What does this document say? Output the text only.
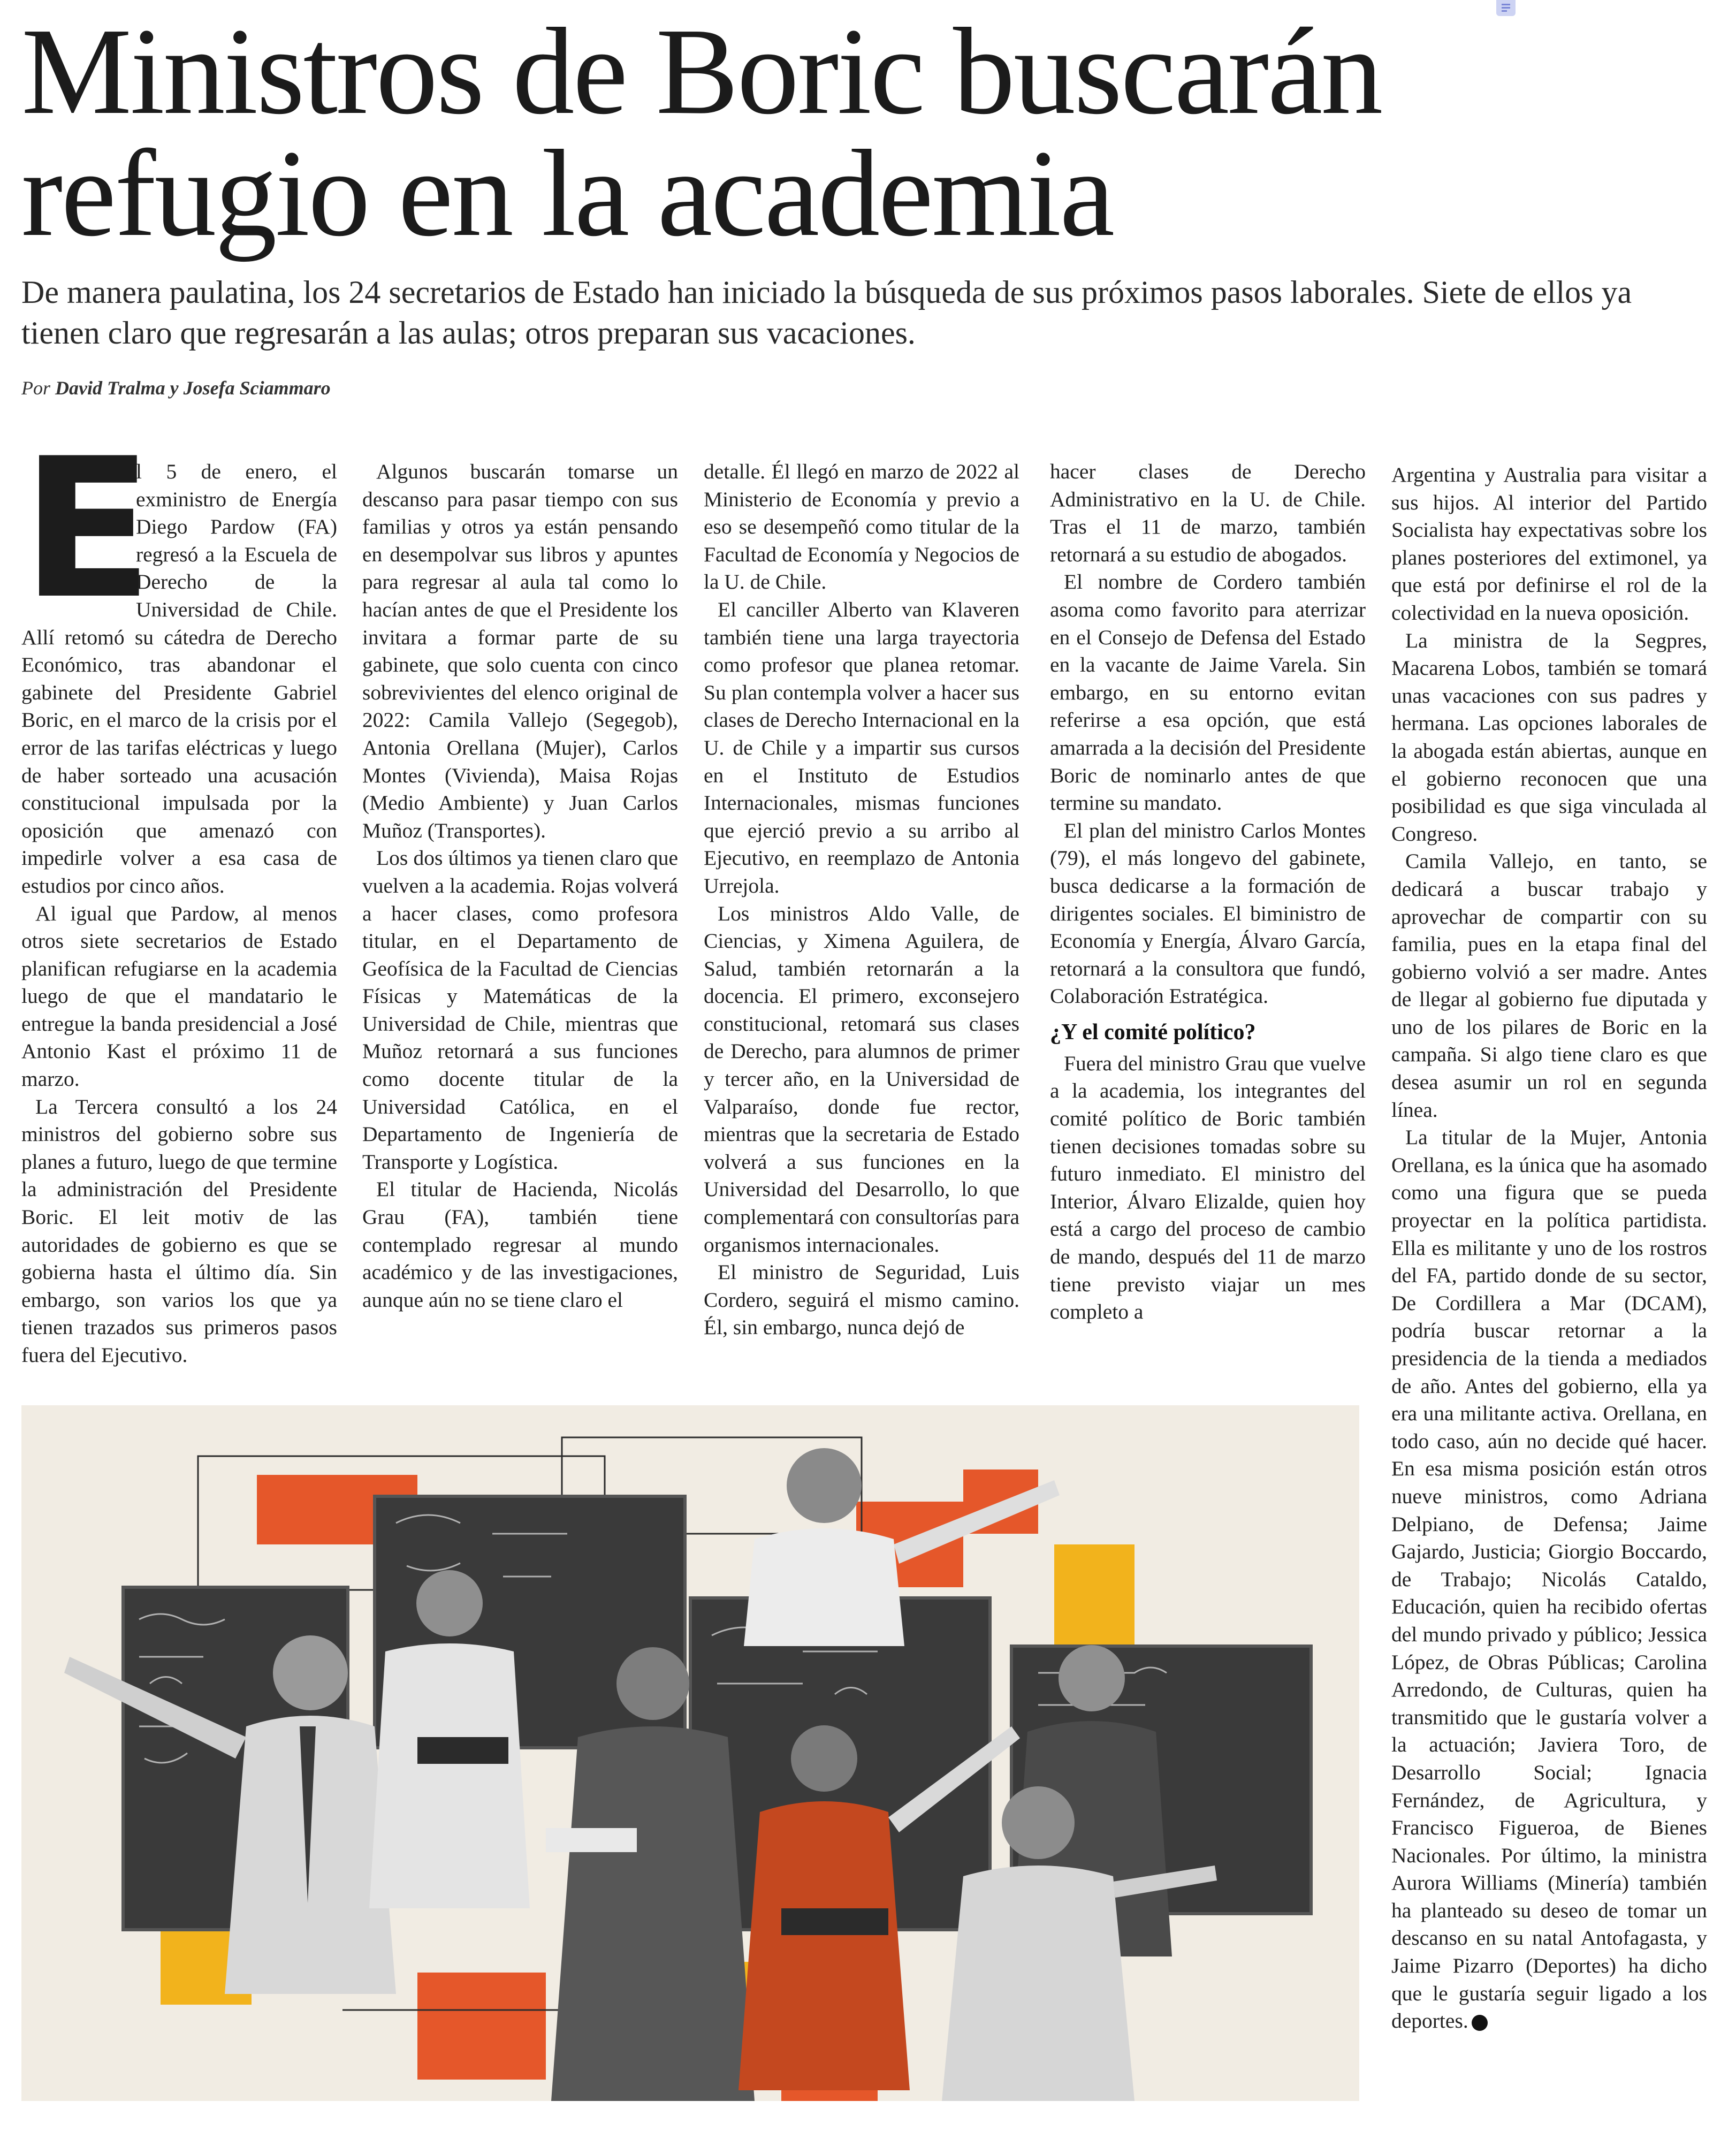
Ministros de Boric buscarán
refugio en la academia

De manera paulatina, los 24 secretarios de Estado han iniciado la búsqueda de sus próximos pasos laborales. Siete de ellos ya tienen claro que regresarán a las aulas; otros preparan sus vacaciones.

Por David Tralma y Josefa Sciammaro

E

l 5 de enero, el exministro de Energía Diego Pardow (FA) regresó a la Escuela de Derecho de la Universidad de Chile. Allí retomó su cátedra de Derecho Económico, tras abandonar el gabinete del Presidente Gabriel Boric, en el marco de la crisis por el error de las tarifas eléctricas y luego de haber sorteado una acusación constitucional impulsada por la oposición que amenazó con impedirle volver a esa casa de estudios por cinco años.

Al igual que Pardow, al menos otros siete secretarios de Estado planifican refugiarse en la academia luego de que el mandatario le entregue la banda presidencial a José Antonio Kast el próximo 11 de marzo.

La Tercera consultó a los 24 ministros del gobierno sobre sus planes a futuro, luego de que termine la administración del Presidente Boric. El leit motiv de las autoridades de gobierno es que se gobierna hasta el último día. Sin embargo, son varios los que ya tienen trazados sus primeros pasos fuera del Ejecutivo.

Algunos buscarán tomarse un descanso para pasar tiempo con sus familias y otros ya están pensando en desempolvar sus libros y apuntes para regresar al aula tal como lo hacían antes de que el Presidente los invitara a formar parte de su gabinete, que solo cuenta con cinco sobrevivientes del elenco original de 2022: Camila Vallejo (Segegob), Antonia Orellana (Mujer), Carlos Montes (Vivienda), Maisa Rojas (Medio Ambiente) y Juan Carlos Muñoz (Transportes).

Los dos últimos ya tienen claro que vuelven a la academia. Rojas volverá a hacer clases, como profesora titular, en el Departamento de Geofísica de la Facultad de Ciencias Físicas y Matemáticas de la Universidad de Chile, mientras que Muñoz retornará a sus funciones como docente titular de la Universidad Católica, en el Departamento de Ingeniería de Transporte y Logística.

El titular de Hacienda, Nicolás Grau (FA), también tiene contemplado regresar al mundo académico y de las investigaciones, aunque aún no se tiene claro el

detalle. Él llegó en marzo de 2022 al Ministerio de Economía y previo a eso se desempeñó como titular de la Facultad de Economía y Negocios de la U. de Chile.

El canciller Alberto van Klaveren también tiene una larga trayectoria como profesor que planea retomar. Su plan contempla volver a hacer sus clases de Derecho Internacional en la U. de Chile y a impartir sus cursos en el Instituto de Estudios Internacionales, mismas funciones que ejerció previo a su arribo al Ejecutivo, en reemplazo de Antonia Urrejola.

Los ministros Aldo Valle, de Ciencias, y Ximena Aguilera, de Salud, también retornarán a la docencia. El primero, exconsejero constitucional, retomará sus clases de Derecho, para alumnos de primer y tercer año, en la Universidad de Valparaíso, donde fue rector, mientras que la secretaria de Estado volverá a sus funciones en la Universidad del Desarrollo, lo que complementará con consultorías para organismos internacionales.

El ministro de Seguridad, Luis Cordero, seguirá el mismo camino. Él, sin embargo, nunca dejó de

hacer clases de Derecho Administrativo en la U. de Chile. Tras el 11 de marzo, también retornará a su estudio de abogados.

El nombre de Cordero también asoma como favorito para aterrizar en el Consejo de Defensa del Estado en la vacante de Jaime Varela. Sin embargo, en su entorno evitan referirse a esa opción, que está amarrada a la decisión del Presidente Boric de nominarlo antes de que termine su mandato.

El plan del ministro Carlos Montes (79), el más longevo del gabinete, busca dedicarse a la formación de dirigentes sociales. El biministro de Economía y Energía, Álvaro García, retornará a la consultora que fundó, Colaboración Estratégica.

¿Y el comité político?

Fuera del ministro Grau que vuelve a la academia, los integrantes del comité político de Boric también tienen decisiones tomadas sobre su futuro inmediato. El ministro del Interior, Álvaro Elizalde, quien hoy está a cargo del proceso de cambio de mando, después del 11 de marzo tiene previsto viajar un mes completo a

Argentina y Australia para visitar a sus hijos. Al interior del Partido Socialista hay expectativas sobre los planes posteriores del extimonel, ya que está por definirse el rol de la colectividad en la nueva oposición.

La ministra de la Segpres, Macarena Lobos, también se tomará unas vacaciones con sus padres y hermana. Las opciones laborales de la abogada están abiertas, aunque en el gobierno reconocen que una posibilidad es que siga vinculada al Congreso.

Camila Vallejo, en tanto, se dedicará a buscar trabajo y aprovechar de compartir con su familia, pues en la etapa final del gobierno volvió a ser madre. Antes de llegar al gobierno fue diputada y uno de los pilares de Boric en la campaña. Si algo tiene claro es que desea asumir un rol en segunda línea.

La titular de la Mujer, Antonia Orellana, es la única que ha asomado como una figura que se pueda proyectar en la política partidista. Ella es militante y uno de los rostros del FA, partido donde de su sector, De Cordillera a Mar (DCAM), podría buscar retornar a la presidencia de la tienda a mediados de año. Antes del gobierno, ella ya era una militante activa. Orellana, en todo caso, aún no decide qué hacer. En esa misma posición están otros nueve ministros, como Adriana Delpiano, de Defensa; Jaime Gajardo, Justicia; Giorgio Boccardo, de Trabajo; Nicolás Cataldo, Educación, quien ha recibido ofertas del mundo privado y público; Jessica López, de Obras Públicas; Carolina Arredondo, de Culturas, quien ha transmitido que le gustaría volver a la actuación; Javiera Toro, de Desarrollo Social; Ignacia Fernández, de Agricultura, y Francisco Figueroa, de Bienes Nacionales. Por último, la ministra Aurora Williams (Minería) también ha planteado su deseo de tomar un descanso en su natal Antofagasta, y Jaime Pizarro (Deportes) ha dicho que le gustaría seguir ligado a los deportes.
